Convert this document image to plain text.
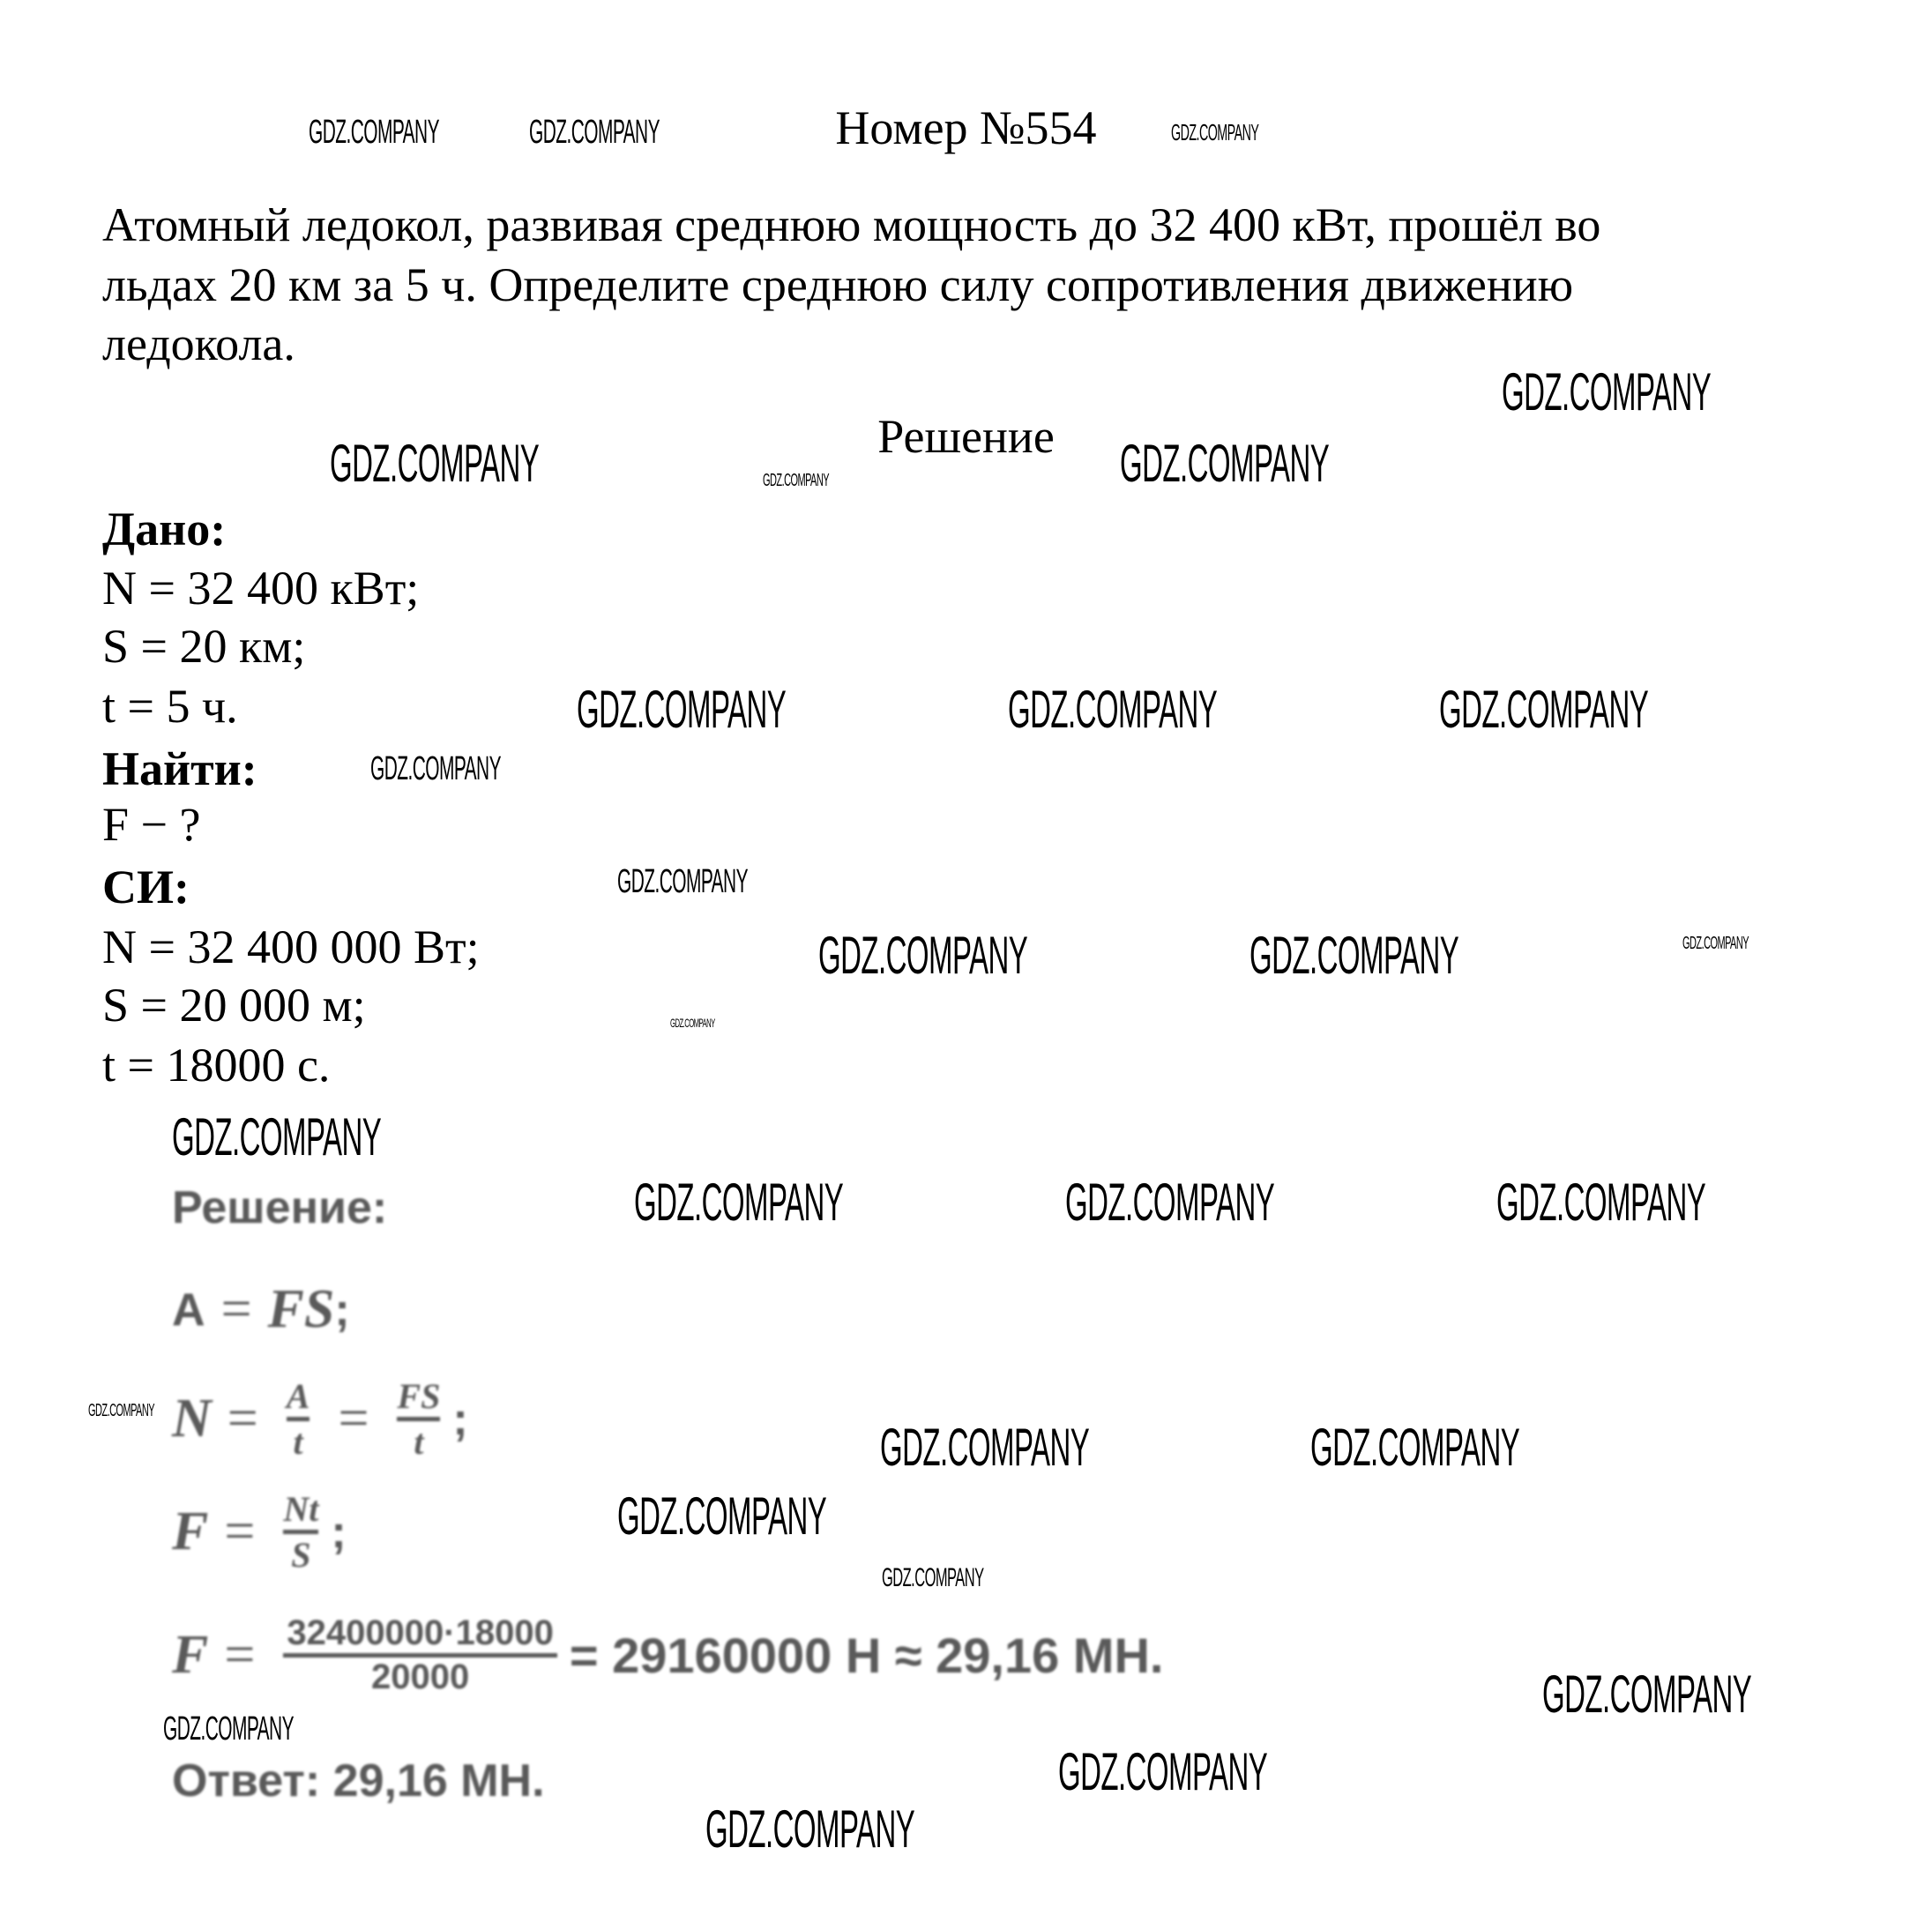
Номер №554
Атомный ледокол, развивая среднюю мощность до 32 400 кВт, прошёл во
льдах 20 км за 5 ч. Определите среднюю силу сопротивления движению
ледокола.
Решение
Дано:
N = 32 400 кВт;
S = 20 км;
t = 5 ч.
Найти:
F − ?
СИ:
N = 32 400 000 Вт;
S = 20 000 м;
t = 18000 с.
Решение:
A = FS ;
$N = \frac{A}{t} = \frac{FS}{t}$ ;
$F = \frac{Nt}{S}$ ;
$F = \frac{32400000\cdot 18000}{20000} = 29160000$ Н ≈ 29,16 МН.
Ответ: 29,16 МН.
GDZ.COMPANY	GDZ.COMPANY	GDZ.COMPANY
GDZ.COMPANY
GDZ.COMPANY	GDZ.COMPANY	GDZ.COMPANY
GDZ.COMPANY	GDZ.COMPANY	GDZ.COMPANY
GDZ.COMPANY
GDZ.COMPANY
GDZ.COMPANY
GDZ.COMPANY	GDZ.COMPANY	GDZ.COMPANY
GDZ.COMPANY
GDZ.COMPANY	GDZ.COMPANY	GDZ.COMPANY
GDZ.COMPANY
GDZ.COMPANY	GDZ.COMPANY
GDZ.COMPANY
GDZ.COMPANY
GDZ.COMPANY
GDZ.COMPANY
GDZ.COMPANY
GDZ.COMPANY
